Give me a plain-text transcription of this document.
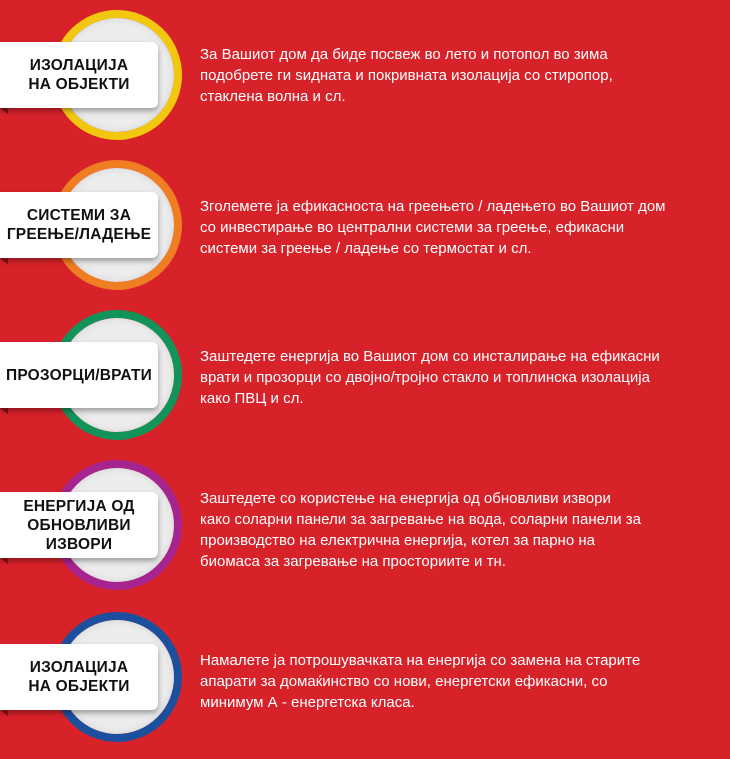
ИЗОЛАЦИЈА
НА ОБЈЕКТИ
За Вашиот дом да биде посвеж во лето и потопол во зима
подобрете ги ѕидната и покривната изолација со стиропор,
стаклена волна и сл.
СИСТЕМИ ЗА
ГРЕЕЊЕ/ЛАДЕЊЕ
Зголемете ја ефикасноста на греењето / ладењето во Вашиот дом
со инвестирање во централни системи за греење, ефикасни
системи за греење / ладење со термостат и сл.
ПРОЗОРЦИ/ВРАТИ
Заштедете енергија во Вашиот дом со инсталирање на ефикасни
врати и прозорци со двојно/тројно стакло и топлинска изолација
како ПВЦ и сл.
ЕНЕРГИЈА ОД
ОБНОВЛИВИ
ИЗВОРИ
Заштедете со користење на енергија од обновливи извори
како соларни панели за загревање на вода, соларни панели за
производство на електрична енергија, котел за парно на
биомаса за загревање на просториите и тн.
ИЗОЛАЦИЈА
НА ОБЈЕКТИ
Намалете ја потрошувачката на енергија со замена на старите
апарати за домаќинство со нови, енергетски ефикасни, со
минимум А - енергетска класа.
